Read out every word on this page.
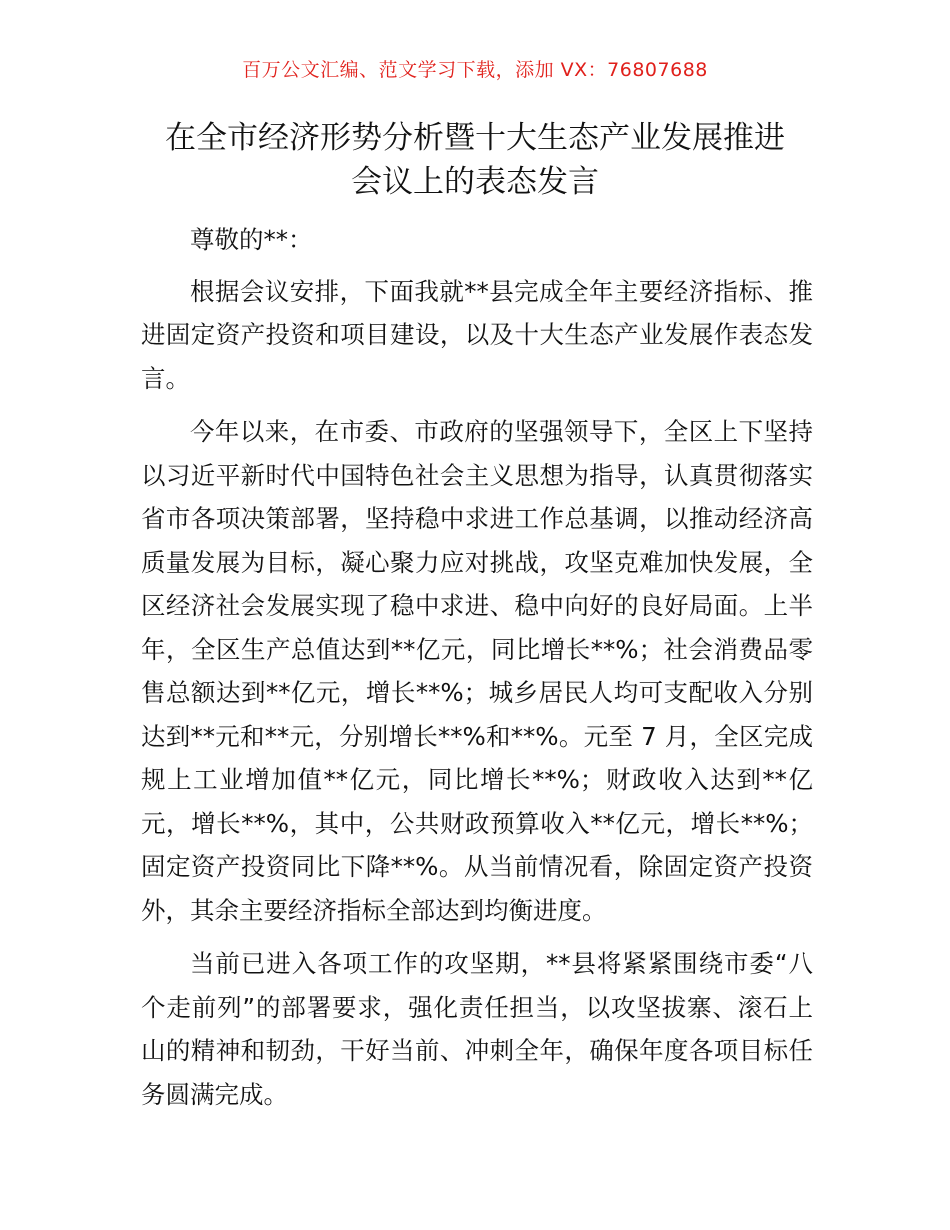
百万公文汇编、范文学习下载，添加 VX：76807688
在全市经济形势分析暨十大生态产业发展推进
会议上的表态发言

尊敬的**：

根据会议安排，下面我就**县完成全年主要经济指标、推进固定资产投资和项目建设，以及十大生态产业发展作表态发言。

今年以来，在市委、市政府的坚强领导下，全区上下坚持以习近平新时代中国特色社会主义思想为指导，认真贯彻落实省市各项决策部署，坚持稳中求进工作总基调，以推动经济高质量发展为目标，凝心聚力应对挑战，攻坚克难加快发展，全区经济社会发展实现了稳中求进、稳中向好的良好局面。上半年，全区生产总值达到**亿元，同比增长**%；社会消费品零售总额达到**亿元，增长**%；城乡居民人均可支配收入分别达到**元和**元，分别增长**%和**%。元至 7 月，全区完成规上工业增加值**亿元，同比增长**%；财政收入达到**亿元，增长**%，其中，公共财政预算收入**亿元，增长**%；固定资产投资同比下降**%。从当前情况看，除固定资产投资外，其余主要经济指标全部达到均衡进度。

当前已进入各项工作的攻坚期，**县将紧紧围绕市委“八个走前列”的部署要求，强化责任担当，以攻坚拔寨、滚石上山的精神和韧劲，干好当前、冲刺全年，确保年度各项目标任务圆满完成。
